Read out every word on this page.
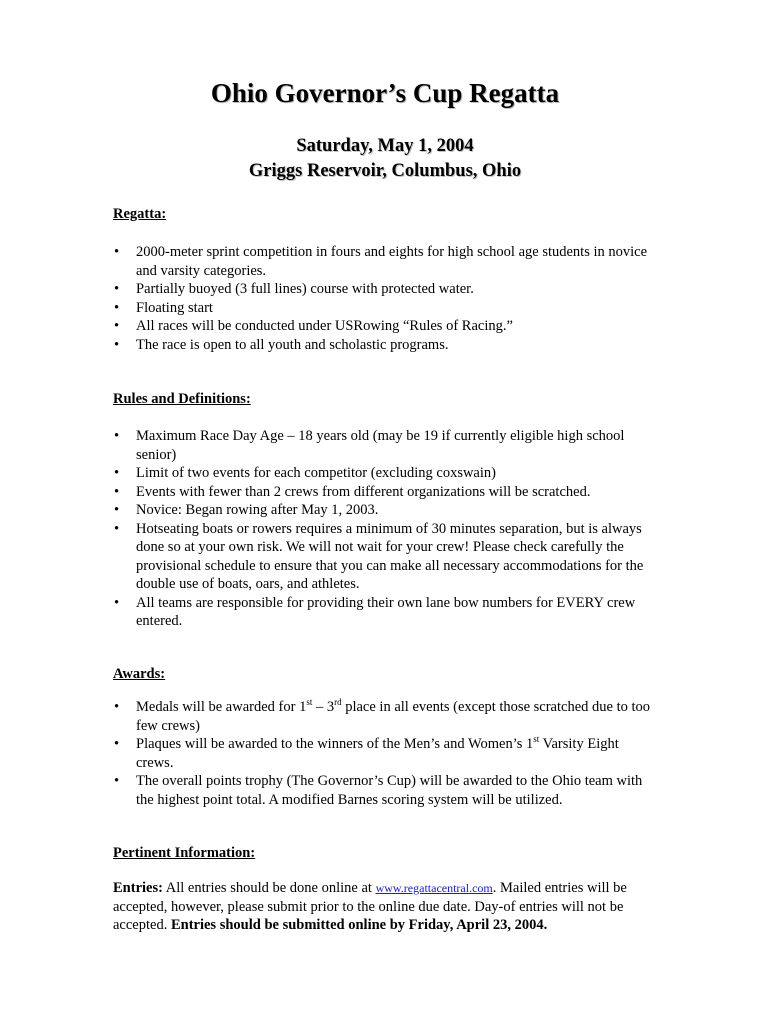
Ohio Governor’s Cup Regatta

Saturday, May 1, 2004

Griggs Reservoir, Columbus, Ohio

Regatta:

• 2000-meter sprint competition in fours and eights for high school age students in novice and varsity categories.
• Partially buoyed (3 full lines) course with protected water.
• Floating start
• All races will be conducted under USRowing “Rules of Racing.”
• The race is open to all youth and scholastic programs.

Rules and Definitions:

• Maximum Race Day Age – 18 years old (may be 19 if currently eligible high school senior)
• Limit of two events for each competitor (excluding coxswain)
• Events with fewer than 2 crews from different organizations will be scratched.
• Novice: Began rowing after May 1, 2003.
• Hotseating boats or rowers requires a minimum of 30 minutes separation, but is always done so at your own risk. We will not wait for your crew! Please check carefully the provisional schedule to ensure that you can make all necessary accommodations for the double use of boats, oars, and athletes.
• All teams are responsible for providing their own lane bow numbers for EVERY crew entered.

Awards:

• Medals will be awarded for 1st – 3rd place in all events (except those scratched due to too few crews)
• Plaques will be awarded to the winners of the Men’s and Women’s 1st Varsity Eight crews.
• The overall points trophy (The Governor’s Cup) will be awarded to the Ohio team with the highest point total. A modified Barnes scoring system will be utilized.

Pertinent Information:

Entries: All entries should be done online at www.regattacentral.com. Mailed entries will be accepted, however, please submit prior to the online due date. Day-of entries will not be accepted. Entries should be submitted online by Friday, April 23, 2004.
